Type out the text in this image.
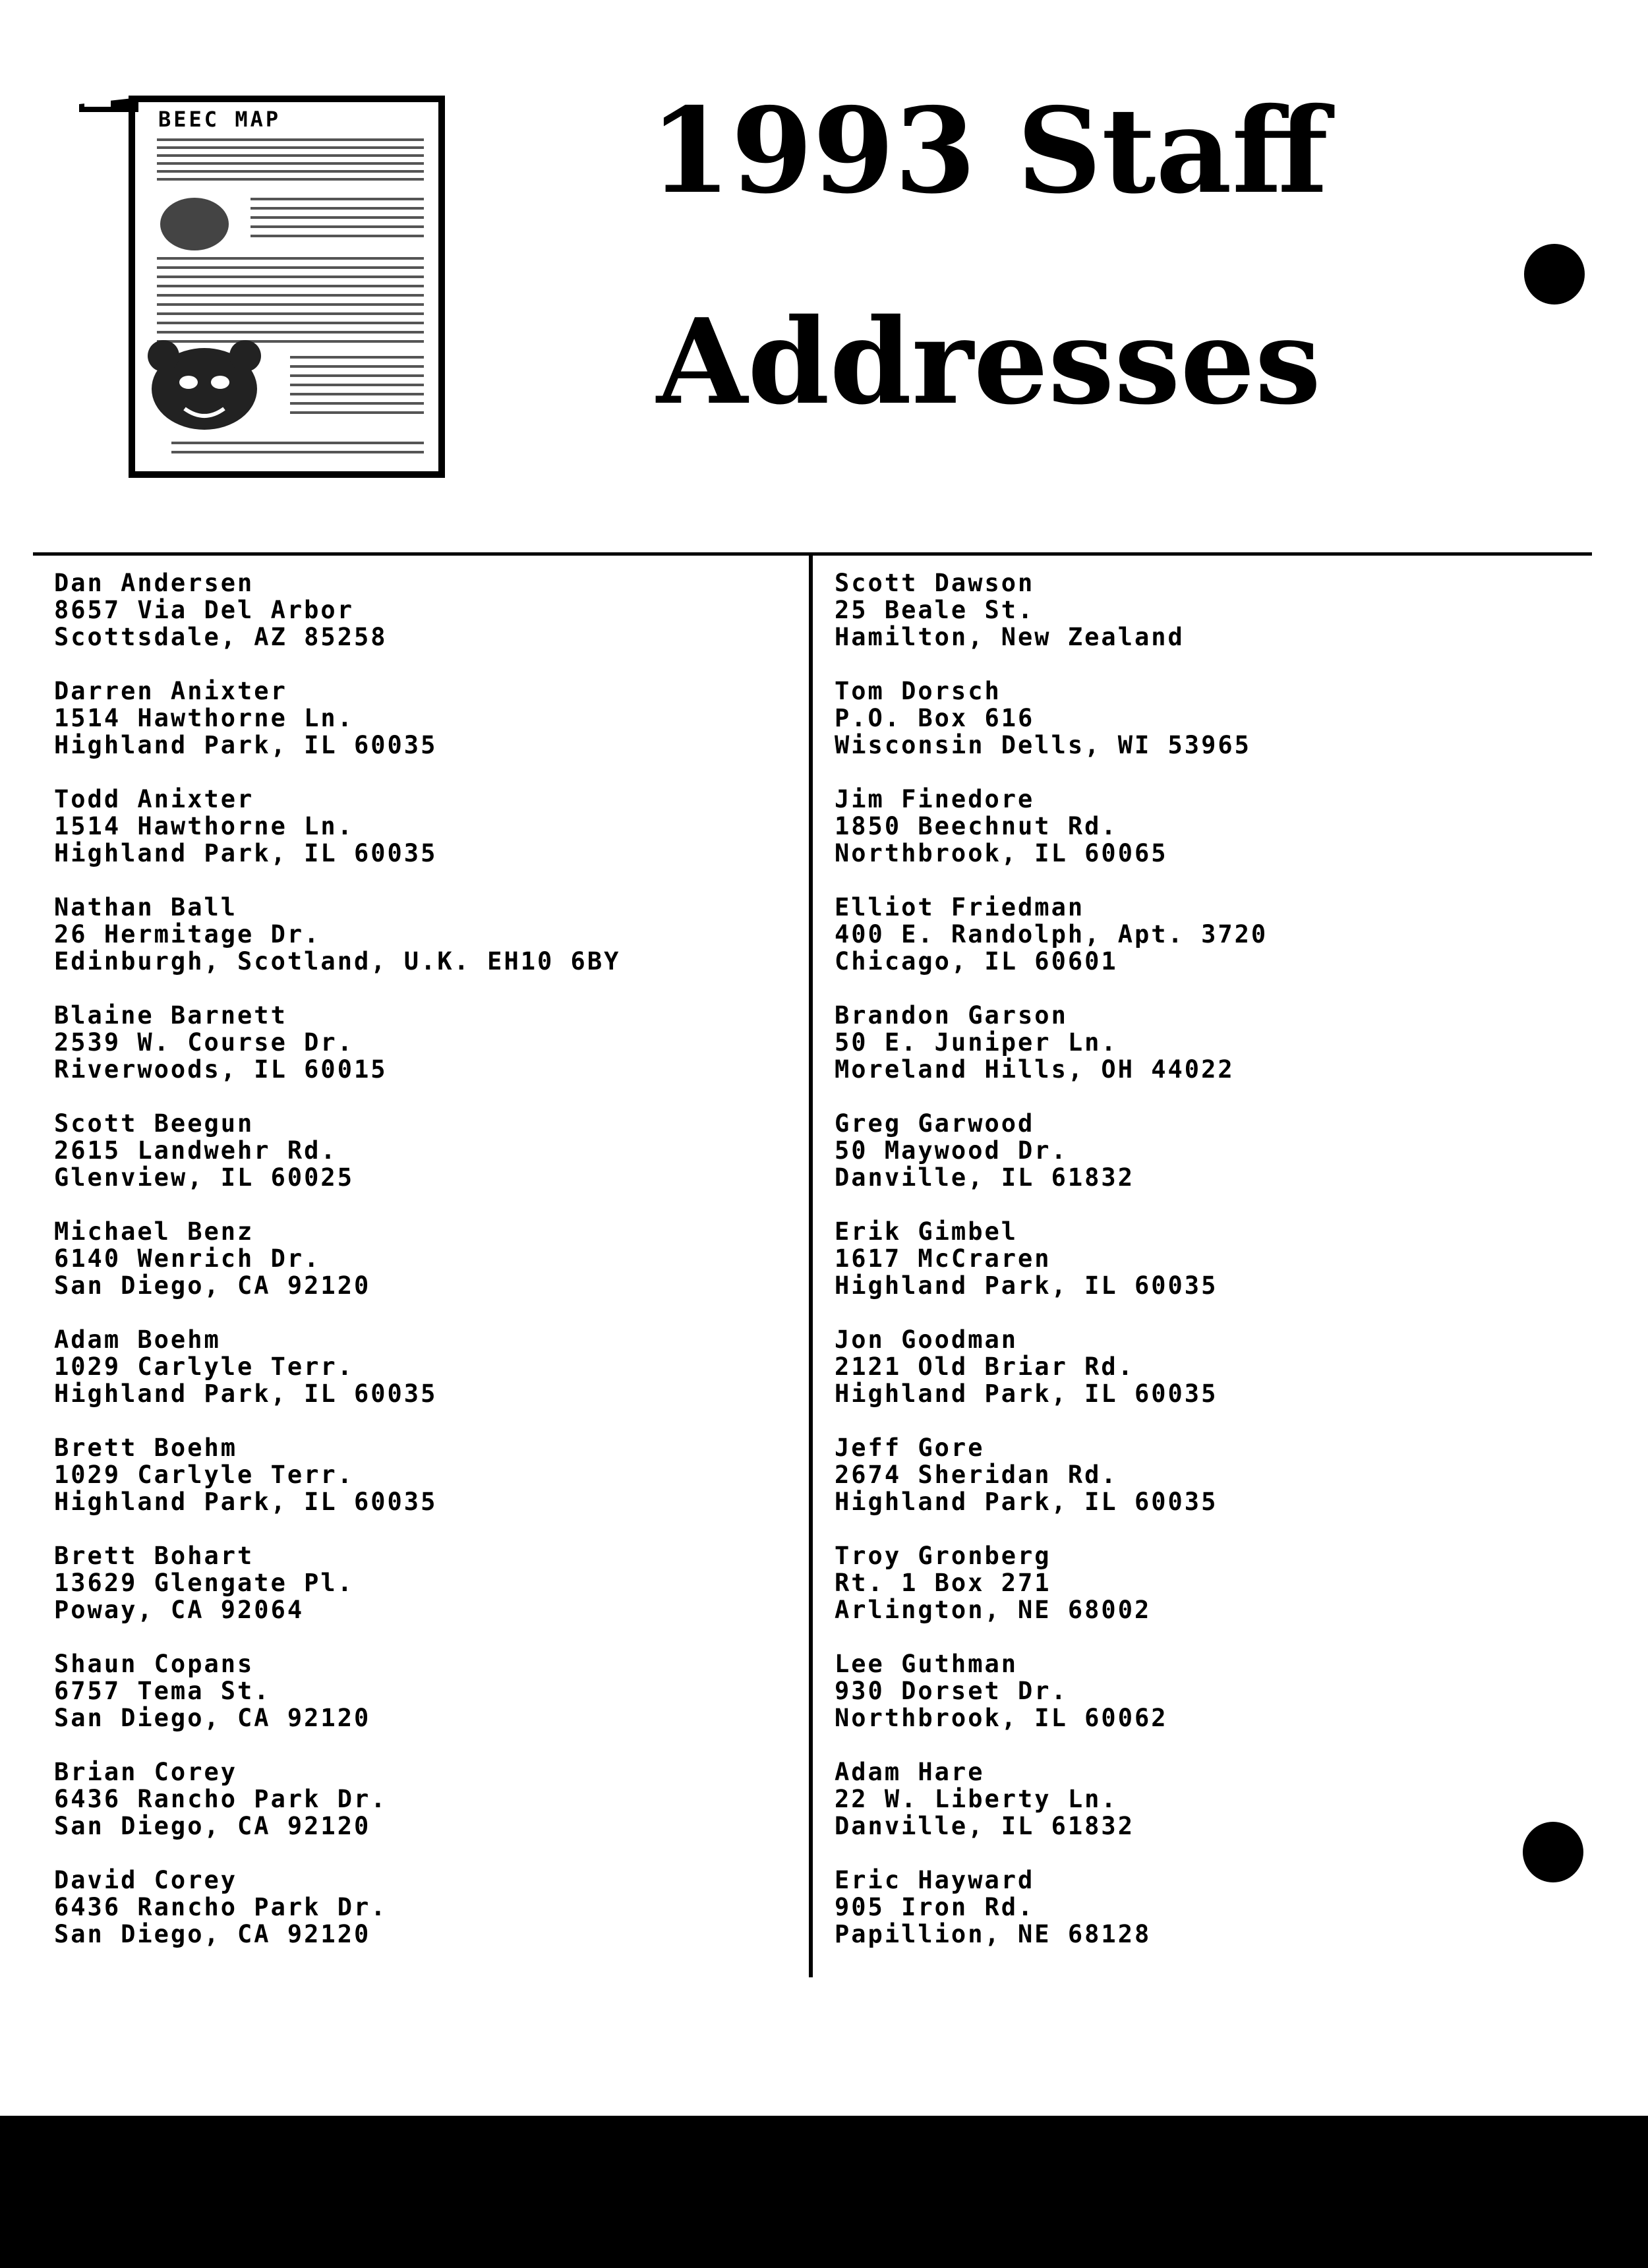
BEEC MAP	1993 Staff
Addresses
Dan Andersen
8657 Via Del Arbor
Scottsdale, AZ 85258
Darren Anixter
1514 Hawthorne Ln.
Highland Park, IL 60035
Todd Anixter
1514 Hawthorne Ln.
Highland Park, IL 60035
Nathan Ball
26 Hermitage Dr.
Edinburgh, Scotland, U.K. EH10 6BY
Blaine Barnett
2539 W. Course Dr.
Riverwoods, IL 60015
Scott Beegun
2615 Landwehr Rd.
Glenview, IL 60025
Michael Benz
6140 Wenrich Dr.
San Diego, CA 92120
Adam Boehm
1029 Carlyle Terr.
Highland Park, IL 60035
Brett Boehm
1029 Carlyle Terr.
Highland Park, IL 60035
Brett Bohart
13629 Glengate Pl.
Poway, CA 92064
Shaun Copans
6757 Tema St.
San Diego, CA 92120
Brian Corey
6436 Rancho Park Dr.
San Diego, CA 92120
David Corey
6436 Rancho Park Dr.
San Diego, CA 92120
Scott Dawson
25 Beale St.
Hamilton, New Zealand
Tom Dorsch
P.O. Box 616
Wisconsin Dells, WI 53965
Jim Finedore
1850 Beechnut Rd.
Northbrook, IL 60065
Elliot Friedman
400 E. Randolph, Apt. 3720
Chicago, IL 60601
Brandon Garson
50 E. Juniper Ln.
Moreland Hills, OH 44022
Greg Garwood
50 Maywood Dr.
Danville, IL 61832
Erik Gimbel
1617 McCraren
Highland Park, IL 60035
Jon Goodman
2121 Old Briar Rd.
Highland Park, IL 60035
Jeff Gore
2674 Sheridan Rd.
Highland Park, IL 60035
Troy Gronberg
Rt. 1 Box 271
Arlington, NE 68002
Lee Guthman
930 Dorset Dr.
Northbrook, IL 60062
Adam Hare
22 W. Liberty Ln.
Danville, IL 61832
Eric Hayward
905 Iron Rd.
Papillion, NE 68128
